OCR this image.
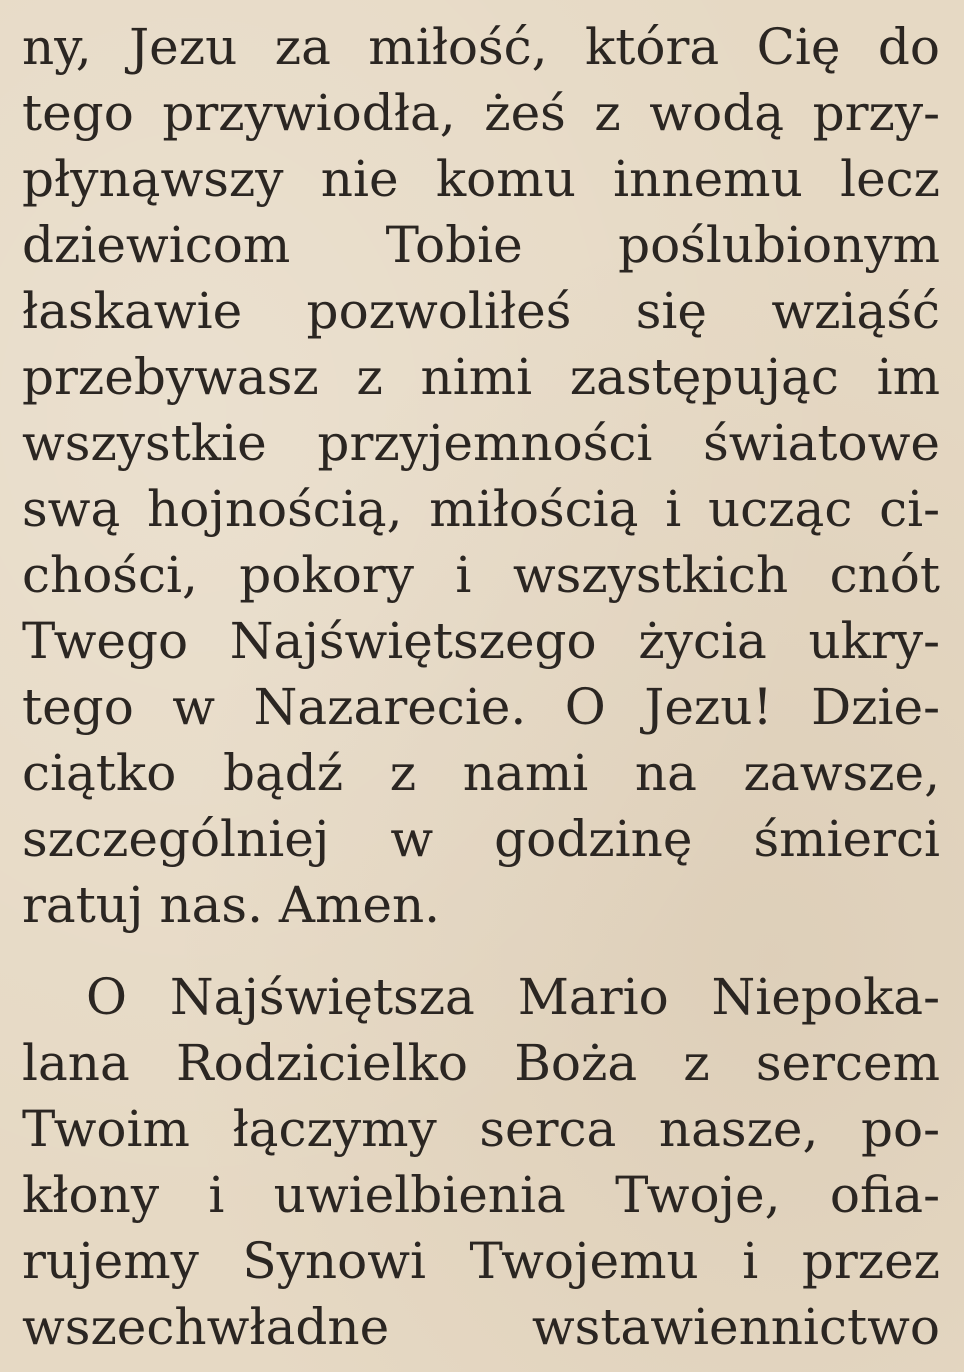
ny, Jezu za miłość, która Cię do
tego przywiodła, żeś z wodą przy-
płynąwszy nie komu innemu lecz
dziewicom Tobie poślubionym
łaskawie pozwoliłeś się wziąść
przebywasz z nimi zastępując im
wszystkie przyjemności światowe
swą hojnością, miłością i ucząc ci-
chości, pokory i wszystkich cnót
Twego Najświętszego życia ukry-
tego w Nazarecie. O Jezu! Dzie-
ciątko bądź z nami na zawsze,
szczególniej w godzinę śmierci
ratuj nas. Amen.
O Najświętsza Mario Niepoka-
lana Rodzicielko Boża z sercem
Twoim łączymy serca nasze, po-
kłony i uwielbienia Twoje, ofia-
rujemy Synowi Twojemu i przez
wszechwładne wstawiennictwo
